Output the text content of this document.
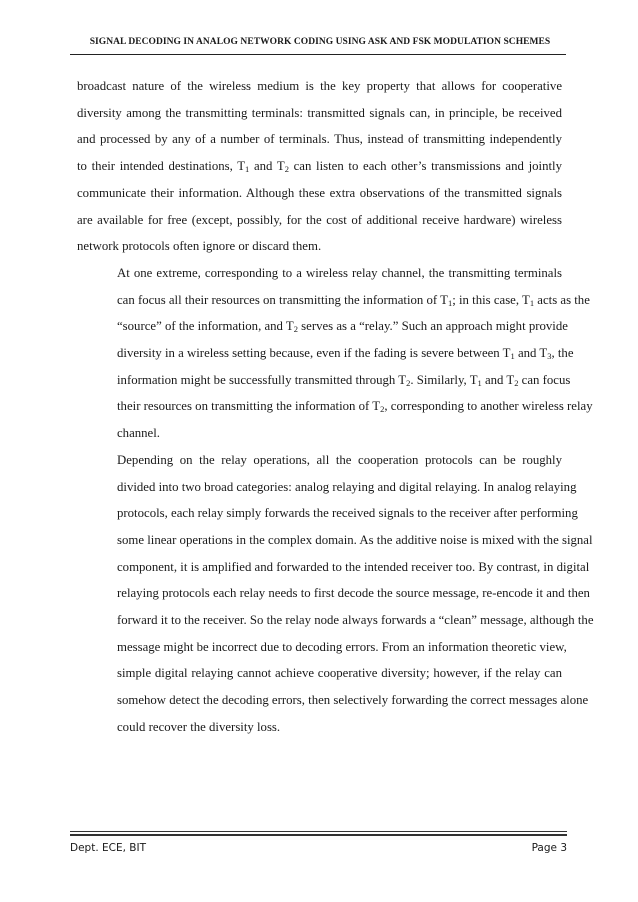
SIGNAL DECODING IN ANALOG NETWORK CODING USING ASK AND FSK MODULATION SCHEMES
broadcast nature of the wireless medium is the key property that allows for cooperative
diversity among the transmitting terminals: transmitted signals can, in principle, be received
and processed by any of a number of terminals. Thus, instead of transmitting independently
to their intended destinations, $T_1$ and $T_2$ can listen to each other’s transmissions and jointly
communicate their information. Although these extra observations of the transmitted signals
are available for free (except, possibly, for the cost of additional receive hardware) wireless
network protocols often ignore or discard them.
At one extreme, corresponding to a wireless relay channel, the transmitting terminals
can focus all their resources on transmitting the information of $T_1$; in this case, $T_1$ acts as the
“source” of the information, and $T_2$ serves as a “relay.” Such an approach might provide
diversity in a wireless setting because, even if the fading is severe between $T_1$ and $T_3$, the
information might be successfully transmitted through $T_2$. Similarly, $T_1$ and $T_2$ can focus
their resources on transmitting the information of $T_2$, corresponding to another wireless relay
channel.
Depending on the relay operations, all the cooperation protocols can be roughly
divided into two broad categories: analog relaying and digital relaying. In analog relaying
protocols, each relay simply forwards the received signals to the receiver after performing
some linear operations in the complex domain. As the additive noise is mixed with the signal
component, it is amplified and forwarded to the intended receiver too. By contrast, in digital
relaying protocols each relay needs to first decode the source message, re-encode it and then
forward it to the receiver. So the relay node always forwards a “clean” message, although the
message might be incorrect due to decoding errors. From an information theoretic view,
simple digital relaying cannot achieve cooperative diversity; however, if the relay can
somehow detect the decoding errors, then selectively forwarding the correct messages alone
could recover the diversity loss.
Dept. ECE, BIT	Page 3
